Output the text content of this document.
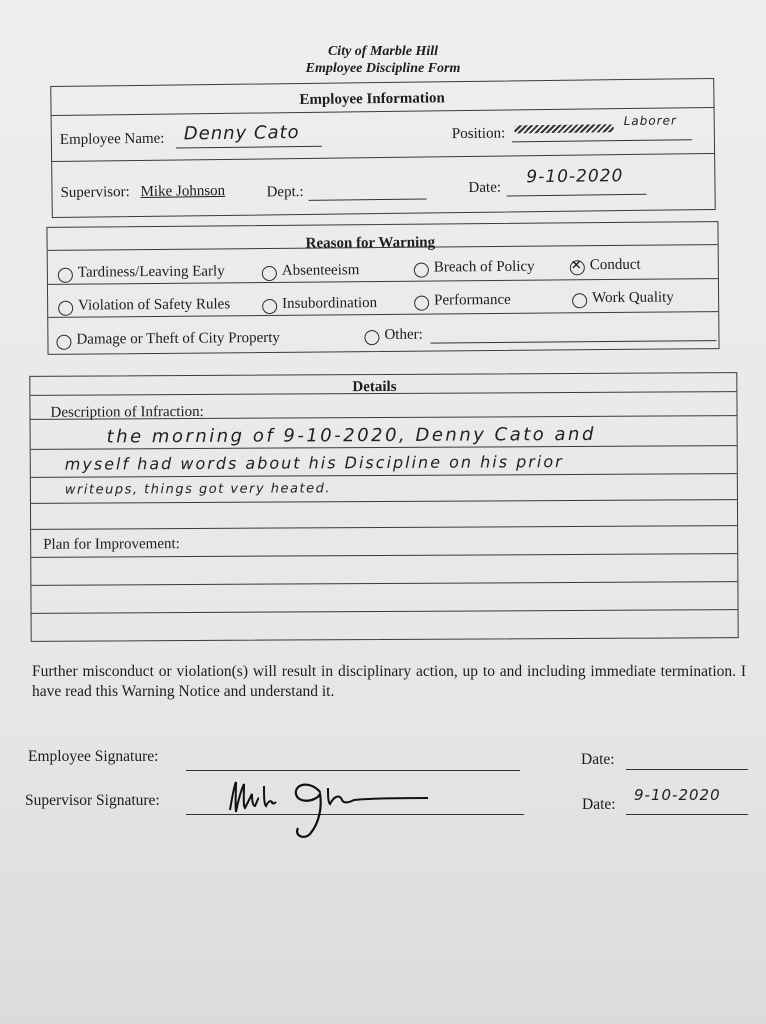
City of Marble Hill
Employee Discipline Form
Employee Information
Employee Name: Denny Cato	Position:
Laborer
Supervisor: Mike Johnson	Dept.:	Date:
9-10-2020
Reason for Warning
Tardiness/Leaving Early	Absenteeism	Breach of Policy
✕	Conduct
Violation of Safety Rules	Insubordination	Performance	Work Quality
Damage or Theft of City Property	Other:
Details
Description of Infraction:
the morning of 9-10-2020, Denny Cato and
myself had words about his Discipline on his prior
writeups, things got very heated.
Plan for Improvement:
Further misconduct or violation(s) will result in disciplinary action, up to and including immediate termination. I have read this Warning Notice and understand it.
Employee Signature:	Date:
Supervisor Signature:	Date:
9-10-2020
